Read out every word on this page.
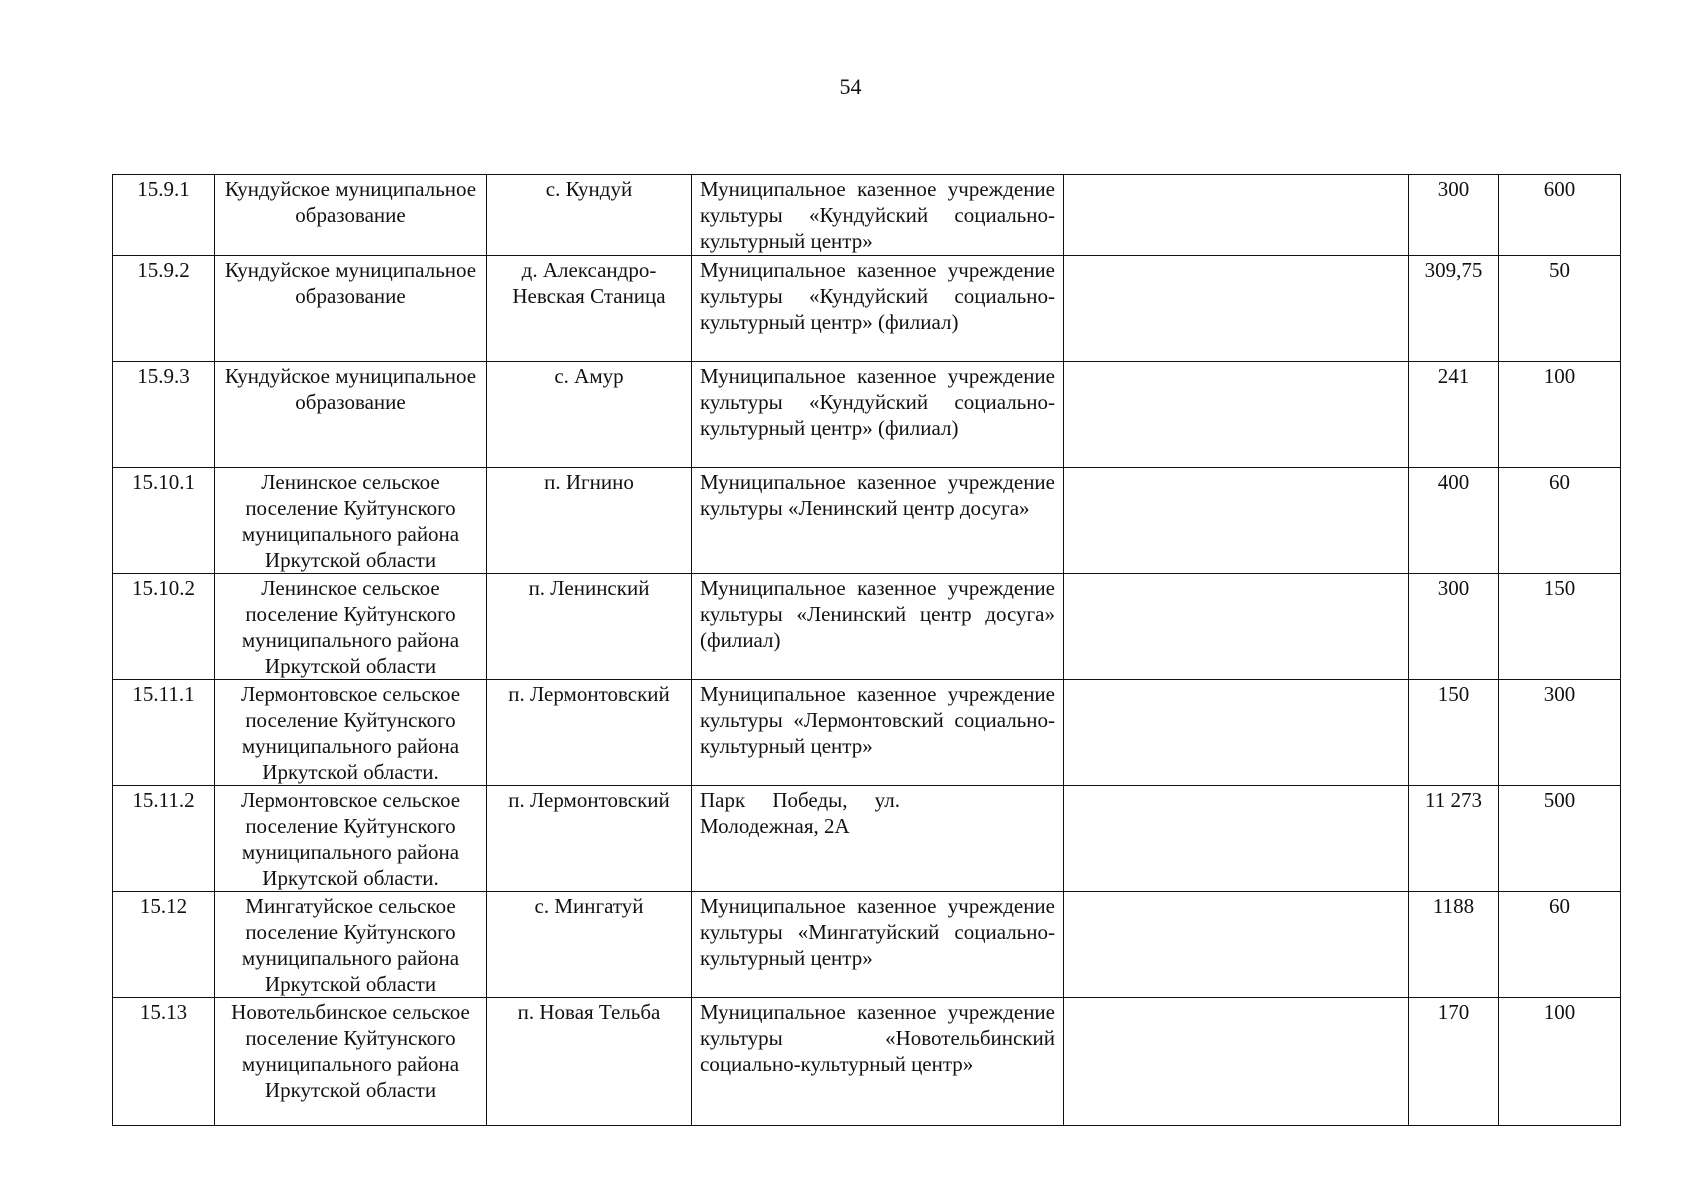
54
15.9.1	Кундуйское муниципальное образование	с. Кундуй	Муниципальное казенное учреждение культуры «Кундуйский социально-культурный центр»		300	600
15.9.2	Кундуйское муниципальное образование	д. Александро-Невская Станица	Муниципальное казенное учреждение культуры «Кундуйский социально-культурный центр» (филиал)		309,75	50
15.9.3	Кундуйское муниципальное образование	с. Амур	Муниципальное казенное учреждение культуры «Кундуйский социально-культурный центр» (филиал)		241	100
15.10.1	Ленинское сельское поселение Куйтунского муниципального района Иркутской области	п. Игнино	Муниципальное казенное учреждение культуры «Ленинский центр досуга»		400	60
15.10.2	Ленинское сельское поселение Куйтунского муниципального района Иркутской области	п. Ленинский	Муниципальное казенное учреждение культуры «Ленинский центр досуга» (филиал)		300	150
15.11.1	Лермонтовское сельское поселение Куйтунского муниципального района Иркутской области.	п. Лермонтовский	Муниципальное казенное учреждение культуры «Лермонтовский социально-культурный центр»		150	300
15.11.2	Лермонтовское сельское поселение Куйтунского муниципального района Иркутской области.	п. Лермонтовский	Парк Победы, ул. Молодежная, 2А		11 273	500
15.12	Мингатуйское сельское поселение Куйтунского муниципального района Иркутской области	с. Мингатуй	Муниципальное казенное учреждение культуры «Мингатуйский социально-культурный центр»		1188	60
15.13	Новотельбинское сельское поселение Куйтунского муниципального района Иркутской области	п. Новая Тельба	Муниципальное казенное учреждение культуры «Новотельбинский социально-культурный центр»		170	100
